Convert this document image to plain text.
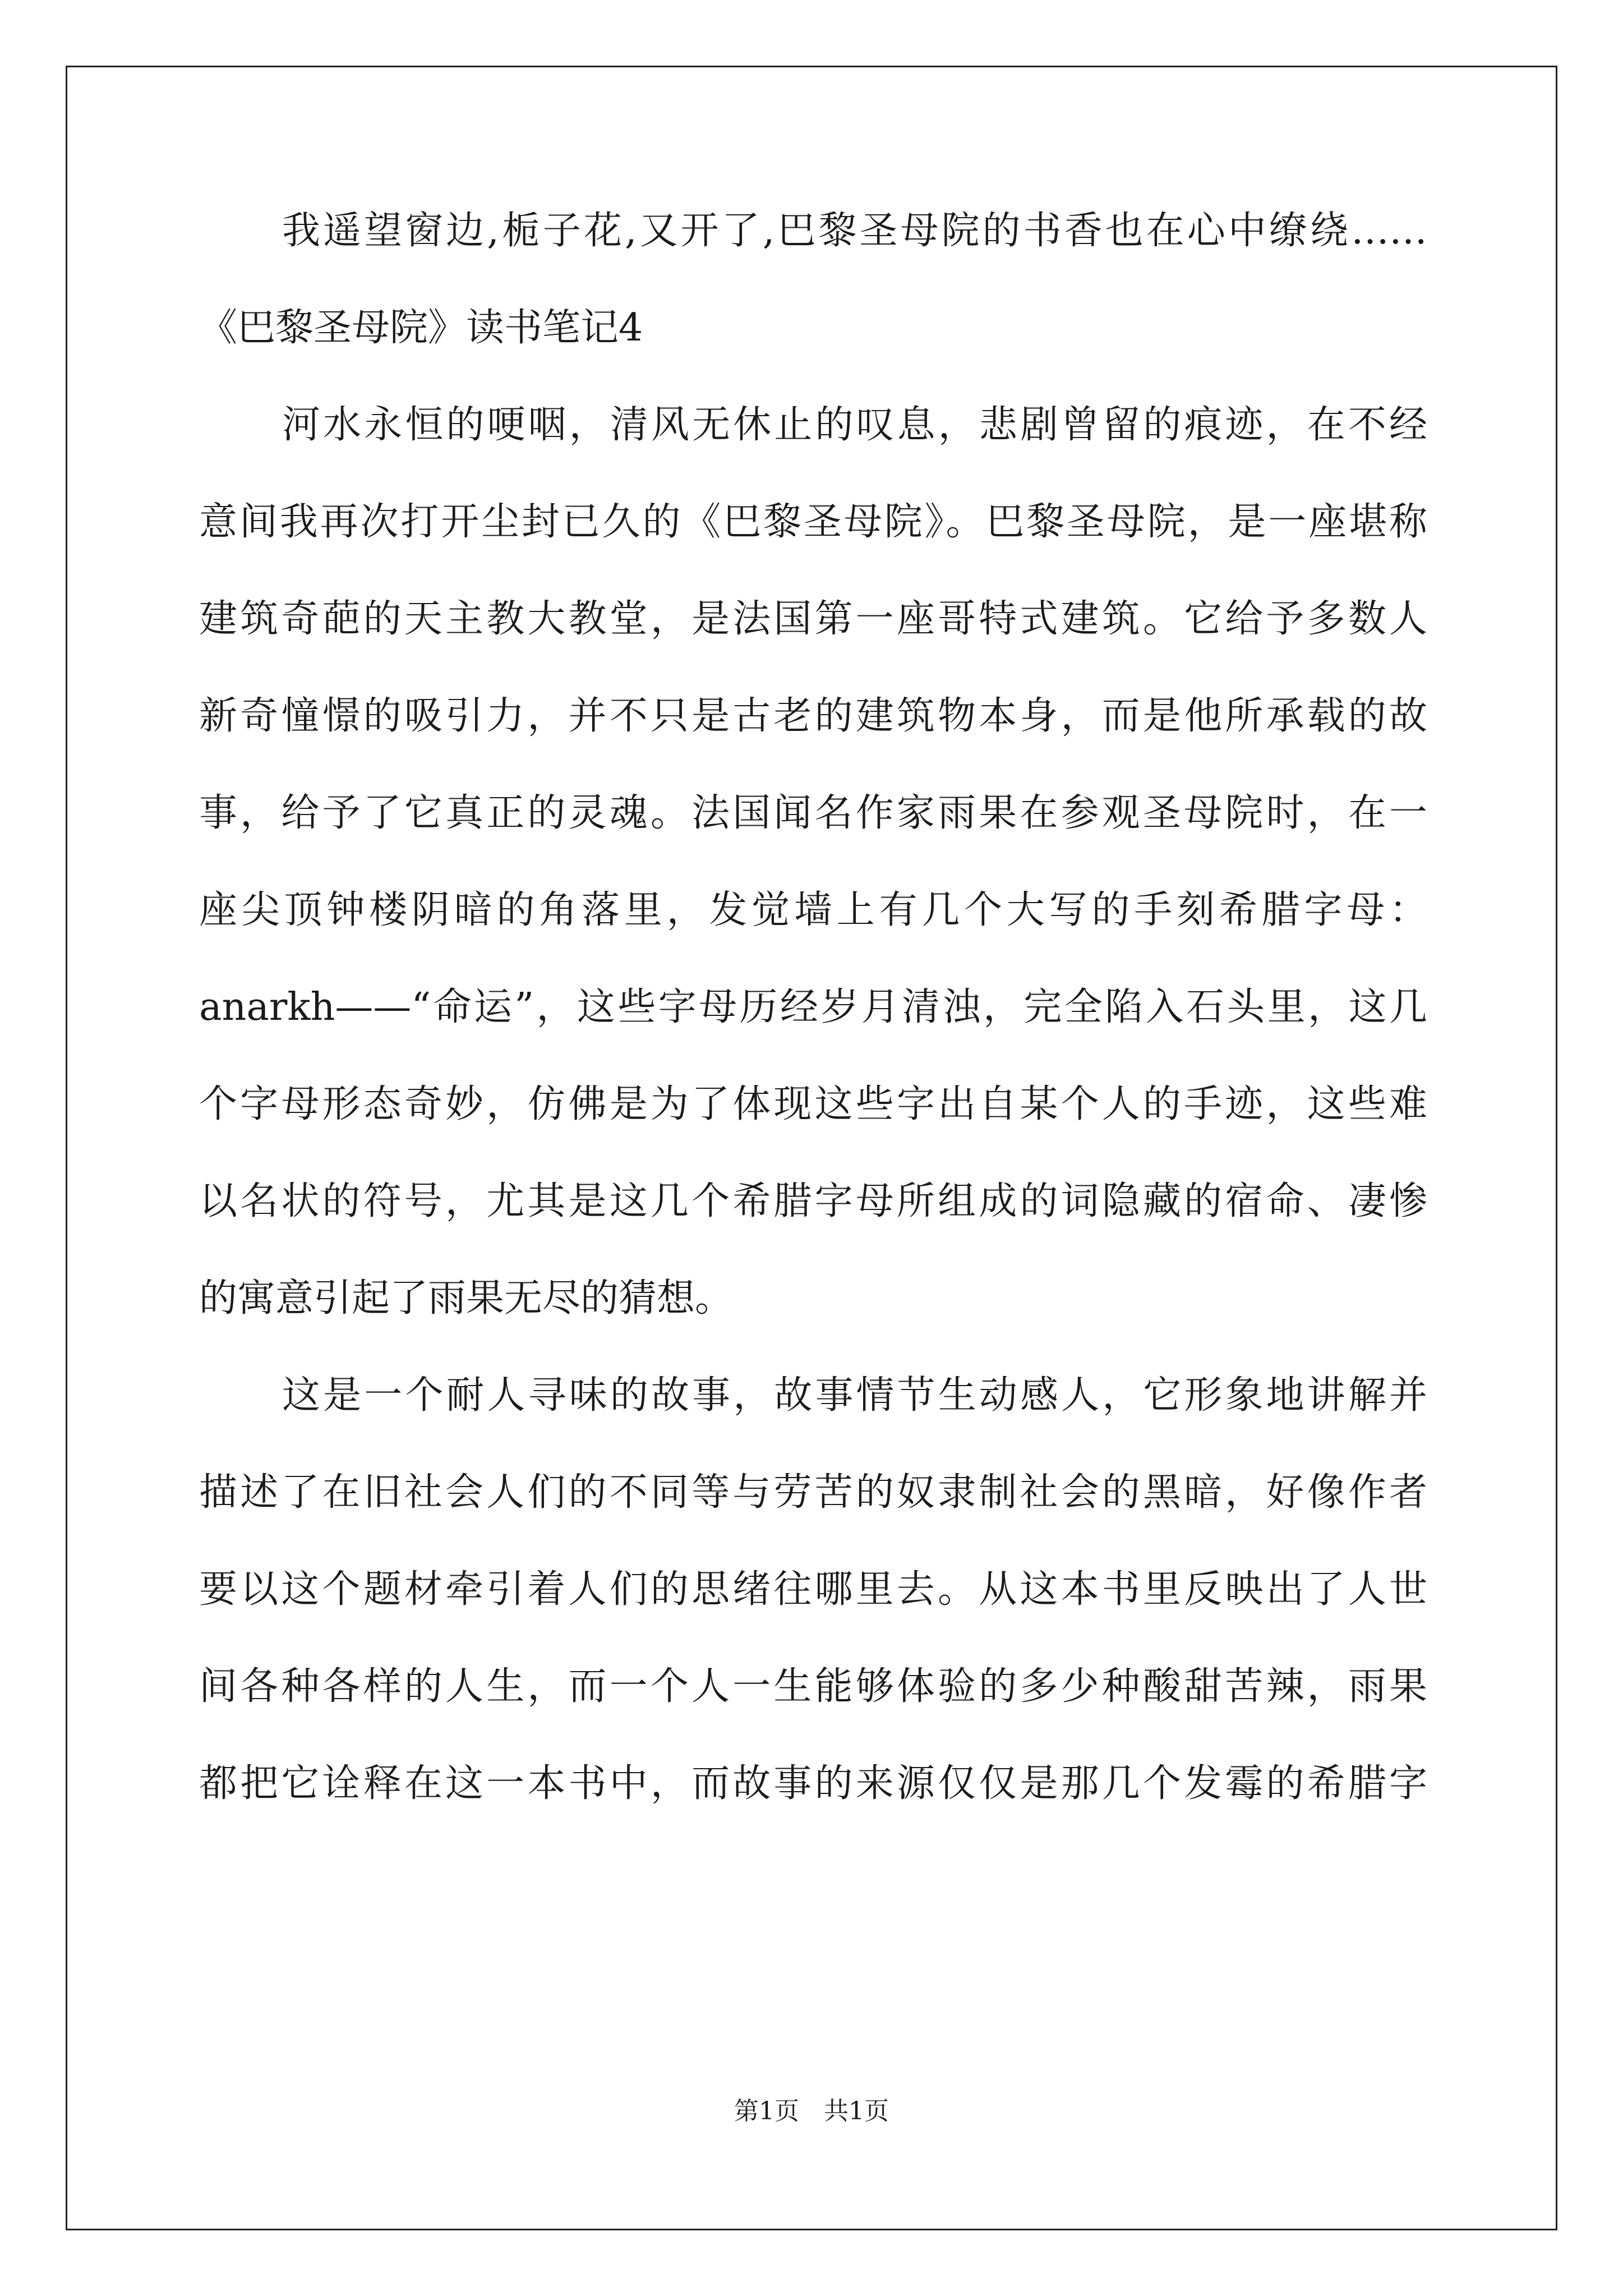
我遥望窗边,栀子花,又开了,巴黎圣母院的书香也在心中缭绕……

《巴黎圣母院》读书笔记4

河水永恒的哽咽，清风无休止的叹息，悲剧曾留的痕迹，在不经

意间我再次打开尘封已久的《巴黎圣母院》。巴黎圣母院，是一座堪称

建筑奇葩的天主教大教堂，是法国第一座哥特式建筑。它给予多数人

新奇憧憬的吸引力，并不只是古老的建筑物本身，而是他所承载的故

事，给予了它真正的灵魂。法国闻名作家雨果在参观圣母院时，在一

座尖顶钟楼阴暗的角落里，发觉墙上有几个大写的手刻希腊字母：

anarkh——“命运”，这些字母历经岁月清浊，完全陷入石头里，这几

个字母形态奇妙，仿佛是为了体现这些字出自某个人的手迹，这些难

以名状的符号，尤其是这几个希腊字母所组成的词隐藏的宿命、凄惨

的寓意引起了雨果无尽的猜想。

这是一个耐人寻味的故事，故事情节生动感人，它形象地讲解并

描述了在旧社会人们的不同等与劳苦的奴隶制社会的黑暗，好像作者

要以这个题材牵引着人们的思绪往哪里去。从这本书里反映出了人世

间各种各样的人生，而一个人一生能够体验的多少种酸甜苦辣，雨果

都把它诠释在这一本书中，而故事的来源仅仅是那几个发霉的希腊字

第1页 共1页
